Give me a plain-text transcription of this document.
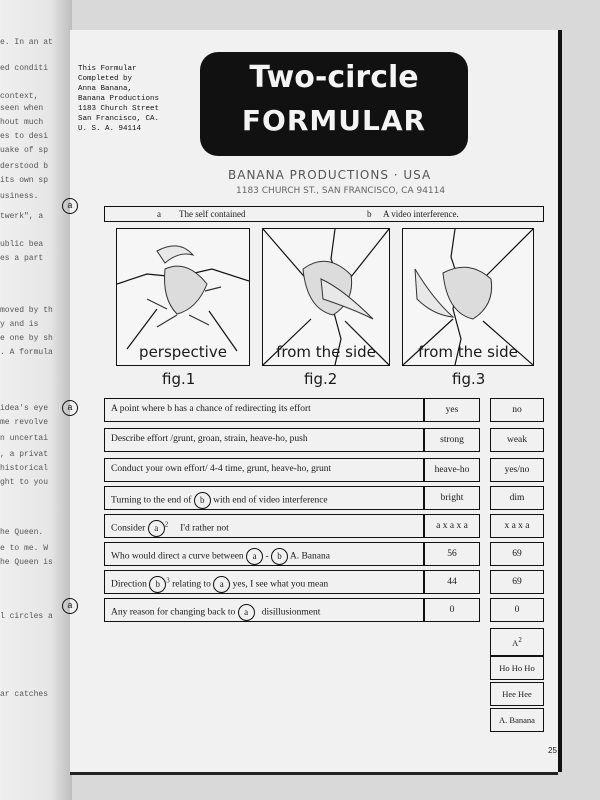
e. In an at
ed conditi
context,
seen when
hout much
es to desi
uake of sp
derstood b
its own sp
usiness.
twerk", a
ublic bea
es a part
moved by th
y and is
e one by sh
. A formula
idea's eye
me revolve
n uncertai
, a privat
historical
ght to you
he Queen.
e to me. W
he Queen is
l circles a
ar catches
This Formular
Completed by
Anna Banana,
Banana Productions
1183 Church Street
San Francisco, CA.
U. S. A. 94114
Two-circle
FORMULAR
BANANA PRODUCTIONS · USA
1183 CHURCH ST., SAN FRANCISCO, CA 94114
a
a
a
a The self contained	b A video interference.
perspective	from the side	from the side
fig.1	fig.2	fig.3
A point where b has a chance of redirecting its effort	yes	no
Describe effort /grunt, groan, strain, heave-ho, push	strong	weak
Conduct your own effort/ 4-4 time, grunt, heave-ho, grunt	heave-ho	yes/no
Turning to the end of b with end of video interference	bright	dim
Consider a $^2$ I'd rather not	a x a x a	x a x a
Who would direct a curve between a - b A. Banana	56	69
Direction b $^3$ relating to a yes, I see what you mean	44	69
Any reason for changing back to a disillusionment	0	0
$A^2$
Ho Ho Ho
Hee Hee
A. Banana
25
